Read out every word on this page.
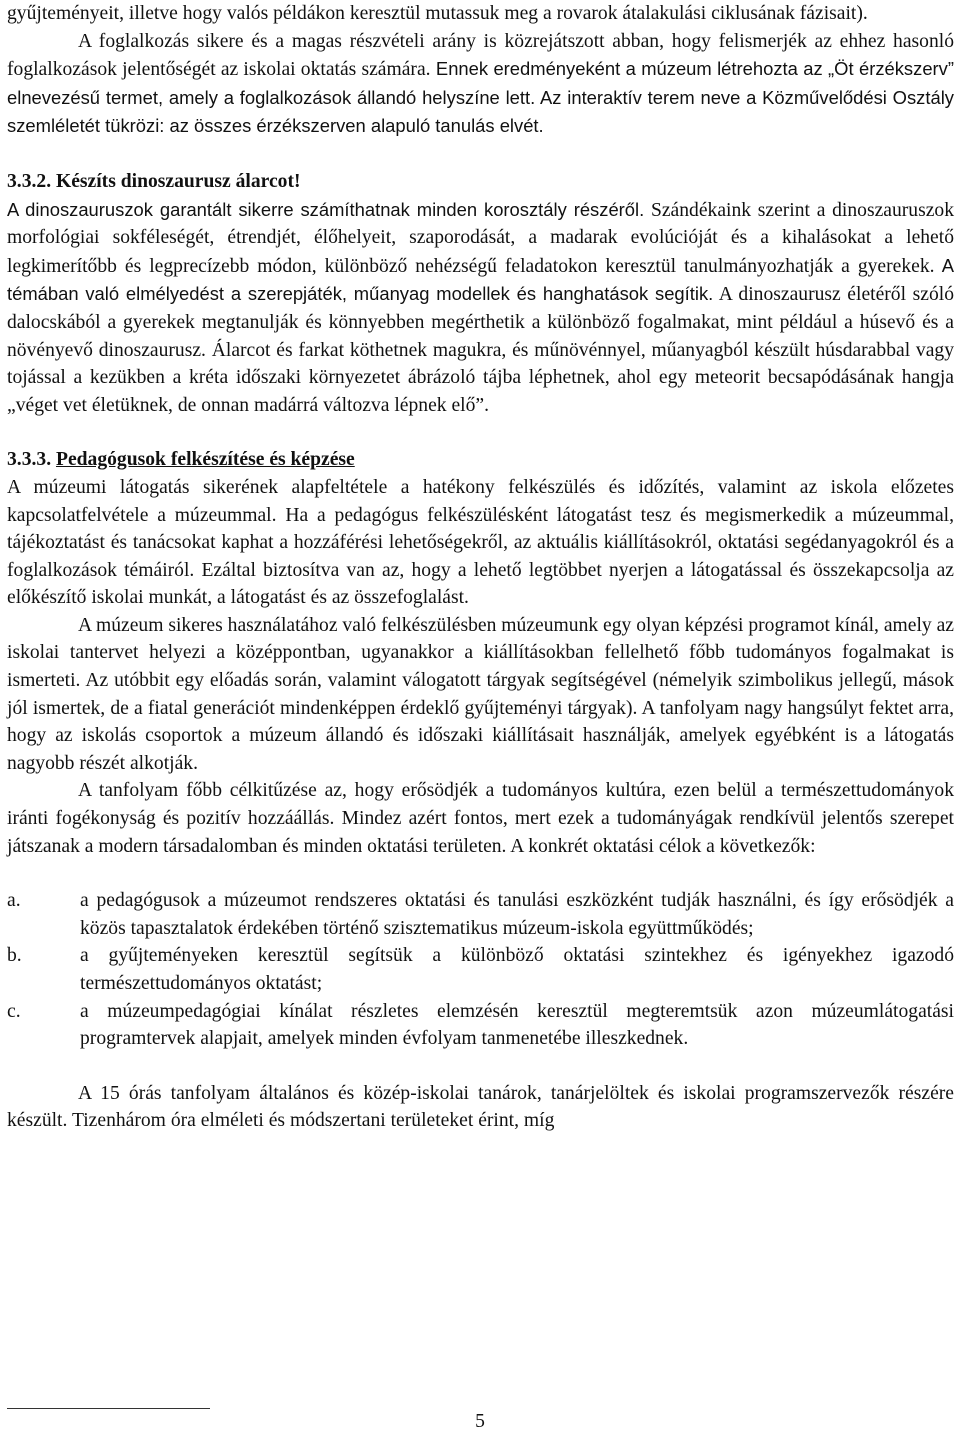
gyűjteményeit, illetve hogy valós példákon keresztül mutassuk meg a rovarok átalakulási ciklusának fázisait).

A foglalkozás sikere és a magas részvételi arány is közrejátszott abban, hogy felismerjék az ehhez hasonló foglalkozások jelentőségét az iskolai oktatás számára. Ennek eredményeként a múzeum létrehozta az „Öt érzékszerv” elnevezésű termet, amely a foglalkozások állandó helyszíne lett. Az interaktív terem neve a Közművelődési Osztály szemléletét tükrözi: az összes érzékszerven alapuló tanulás elvét.

3.3.2. Készíts dinoszaurusz álarcot!

A dinoszauruszok garantált sikerre számíthatnak minden korosztály részéről. Szándékaink szerint a dinoszauruszok morfológiai sokféleségét, étrendjét, élőhelyeit, szaporodását, a madarak evolúcióját és a kihalásokat a lehető legkimerítőbb és legprecízebb módon, különböző nehézségű feladatokon keresztül tanulmányozhatják a gyerekek. A témában való elmélyedést a szerepjáték, műanyag modellek és hanghatások segítik. A dinoszaurusz életéről szóló dalocskából a gyerekek megtanulják és könnyebben megérthetik a különböző fogalmakat, mint például a húsevő és a növényevő dinoszaurusz. Álarcot és farkat köthetnek magukra, és műnövénnyel, műanyagból készült húsdarabbal vagy tojással a kezükben a kréta időszaki környezetet ábrázoló tájba léphetnek, ahol egy meteorit becsapódásának hangja „véget vet életüknek, de onnan madárrá változva lépnek elő”.

3.3.3. Pedagógusok felkészítése és képzése

A múzeumi látogatás sikerének alapfeltétele a hatékony felkészülés és időzítés, valamint az iskola előzetes kapcsolatfelvétele a múzeummal. Ha a pedagógus felkészülésként látogatást tesz és megismerkedik a múzeummal, tájékoztatást és tanácsokat kaphat a hozzáférési lehetőségekről, az aktuális kiállításokról, oktatási segédanyagokról és a foglalkozások témáiról. Ezáltal biztosítva van az, hogy a lehető legtöbbet nyerjen a látogatással és összekapcsolja az előkészítő iskolai munkát, a látogatást és az összefoglalást.

A múzeum sikeres használatához való felkészülésben múzeumunk egy olyan képzési programot kínál, amely az iskolai tantervet helyezi a középpontban, ugyanakkor a kiállításokban fellelhető főbb tudományos fogalmakat is ismerteti. Az utóbbit egy előadás során, valamint válogatott tárgyak segítségével (némelyik szimbolikus jellegű, mások jól ismertek, de a fiatal generációt mindenképpen érdeklő gyűjteményi tárgyak). A tanfolyam nagy hangsúlyt fektet arra, hogy az iskolás csoportok a múzeum állandó és időszaki kiállításait használják, amelyek egyébként is a látogatás nagyobb részét alkotják.

A tanfolyam főbb célkitűzése az, hogy erősödjék a tudományos kultúra, ezen belül a természettudományok iránti fogékonyság és pozitív hozzáállás. Mindez azért fontos, mert ezek a tudományágak rendkívül jelentős szerepet játszanak a modern társadalomban és minden oktatási területen. A konkrét oktatási célok a következők:

a.	a pedagógusok a múzeumot rendszeres oktatási és tanulási eszközként tudják használni, és így erősödjék a közös tapasztalatok érdekében történő szisztematikus múzeum-iskola együttműködés;
b.	a gyűjteményeken keresztül segítsük a különböző oktatási szintekhez és igényekhez igazodó természettudományos oktatást;
c.	a múzeumpedagógiai kínálat részletes elemzésén keresztül megteremtsük azon múzeumlátogatási programtervek alapjait, amelyek minden évfolyam tanmenetébe illeszkednek.

A 15 órás tanfolyam általános és közép-iskolai tanárok, tanárjelöltek és iskolai programszervezők részére készült. Tizenhárom óra elméleti és módszertani területeket érint, míg

5
